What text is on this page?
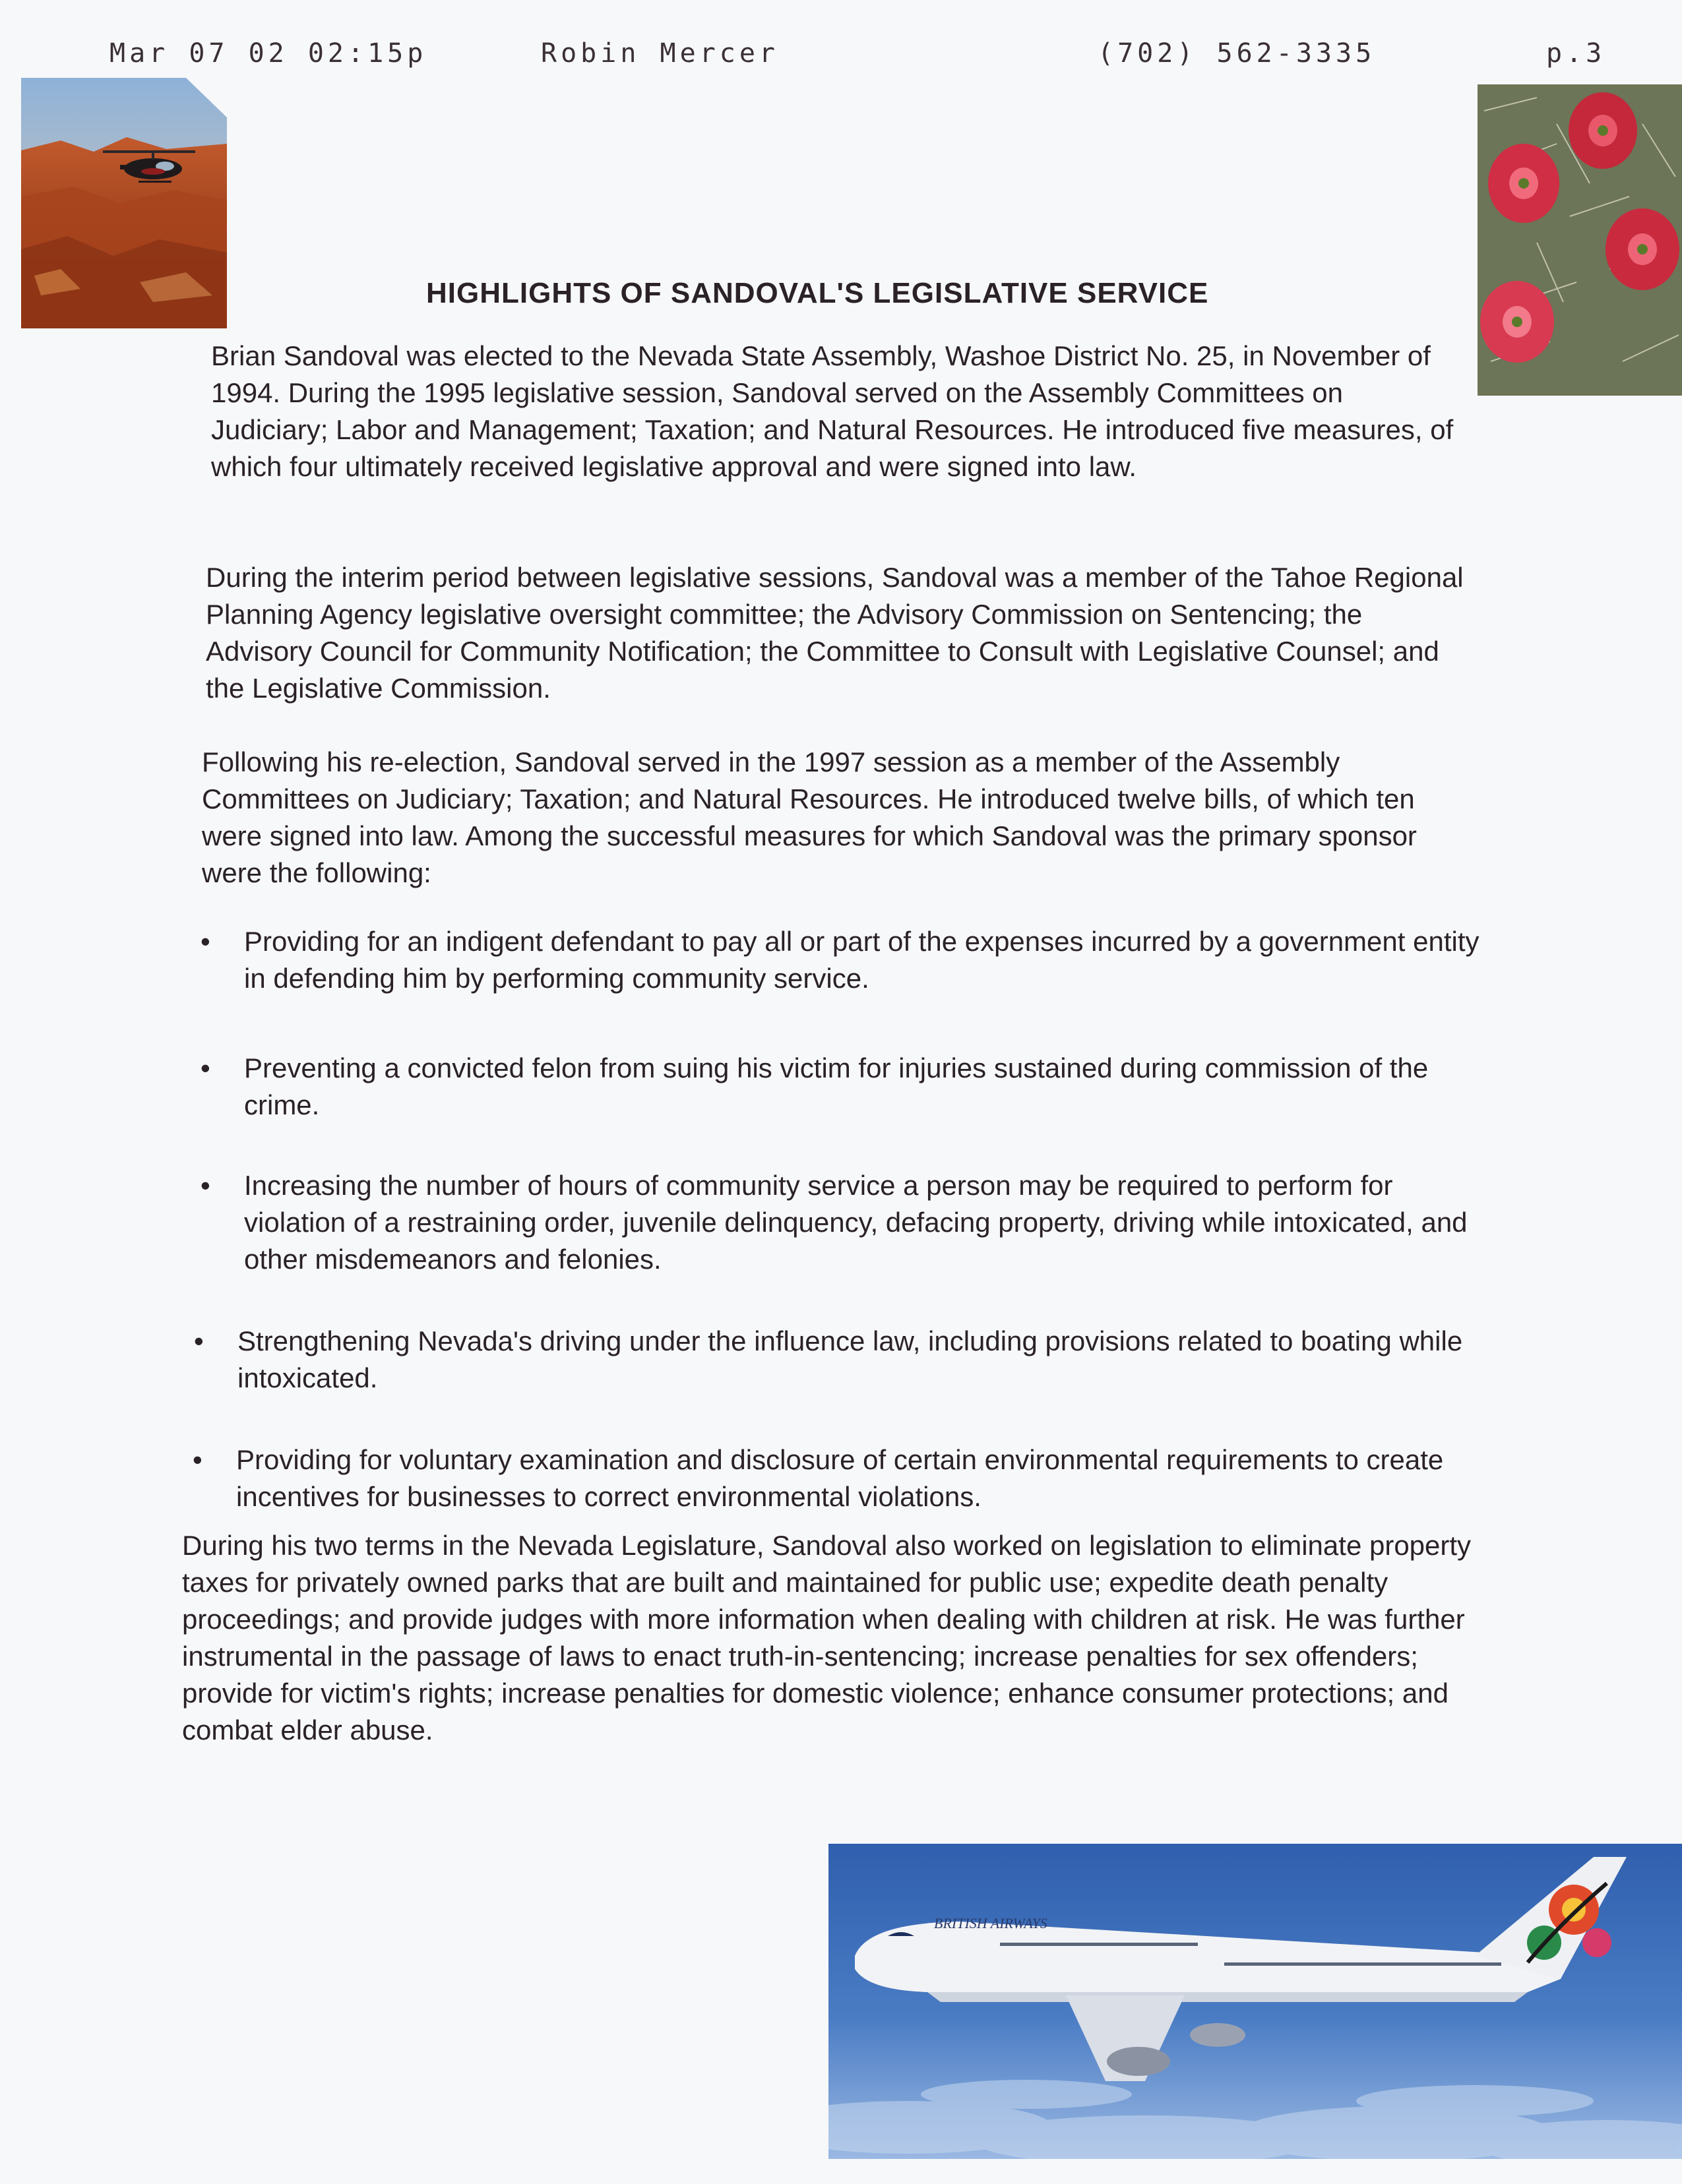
Mar 07 02 02:15p	Robin Mercer	(702) 562-3335	p.3
HIGHLIGHTS OF SANDOVAL'S LEGISLATIVE SERVICE

Brian Sandoval was elected to the Nevada State Assembly, Washoe District No. 25, in November of 1994. During the 1995 legislative session, Sandoval served on the Assembly Committees on Judiciary; Labor and Management; Taxation; and Natural Resources. He introduced five measures, of which four ultimately received legislative approval and were signed into law.

During the interim period between legislative sessions, Sandoval was a member of the Tahoe Regional Planning Agency legislative oversight committee; the Advisory Commission on Sentencing; the Advisory Council for Community Notification; the Committee to Consult with Legislative Counsel; and the Legislative Commission.

Following his re-election, Sandoval served in the 1997 session as a member of the Assembly Committees on Judiciary; Taxation; and Natural Resources. He introduced twelve bills, of which ten were signed into law. Among the successful measures for which Sandoval was the primary sponsor were the following:

• Providing for an indigent defendant to pay all or part of the expenses incurred by a government entity in defending him by performing community service.
• Preventing a convicted felon from suing his victim for injuries sustained during commission of the crime.
• Increasing the number of hours of community service a person may be required to perform for violation of a restraining order, juvenile delinquency, defacing property, driving while intoxicated, and other misdemeanors and felonies.
• Strengthening Nevada's driving under the influence law, including provisions related to boating while intoxicated.
• Providing for voluntary examination and disclosure of certain environmental requirements to create incentives for businesses to correct environmental violations.

During his two terms in the Nevada Legislature, Sandoval also worked on legislation to eliminate property taxes for privately owned parks that are built and maintained for public use; expedite death penalty proceedings; and provide judges with more information when dealing with children at risk. He was further instrumental in the passage of laws to enact truth-in-sentencing; increase penalties for sex offenders; provide for victim's rights; increase penalties for domestic violence; enhance consumer protections; and combat elder abuse.

BRITISH AIRWAYS
